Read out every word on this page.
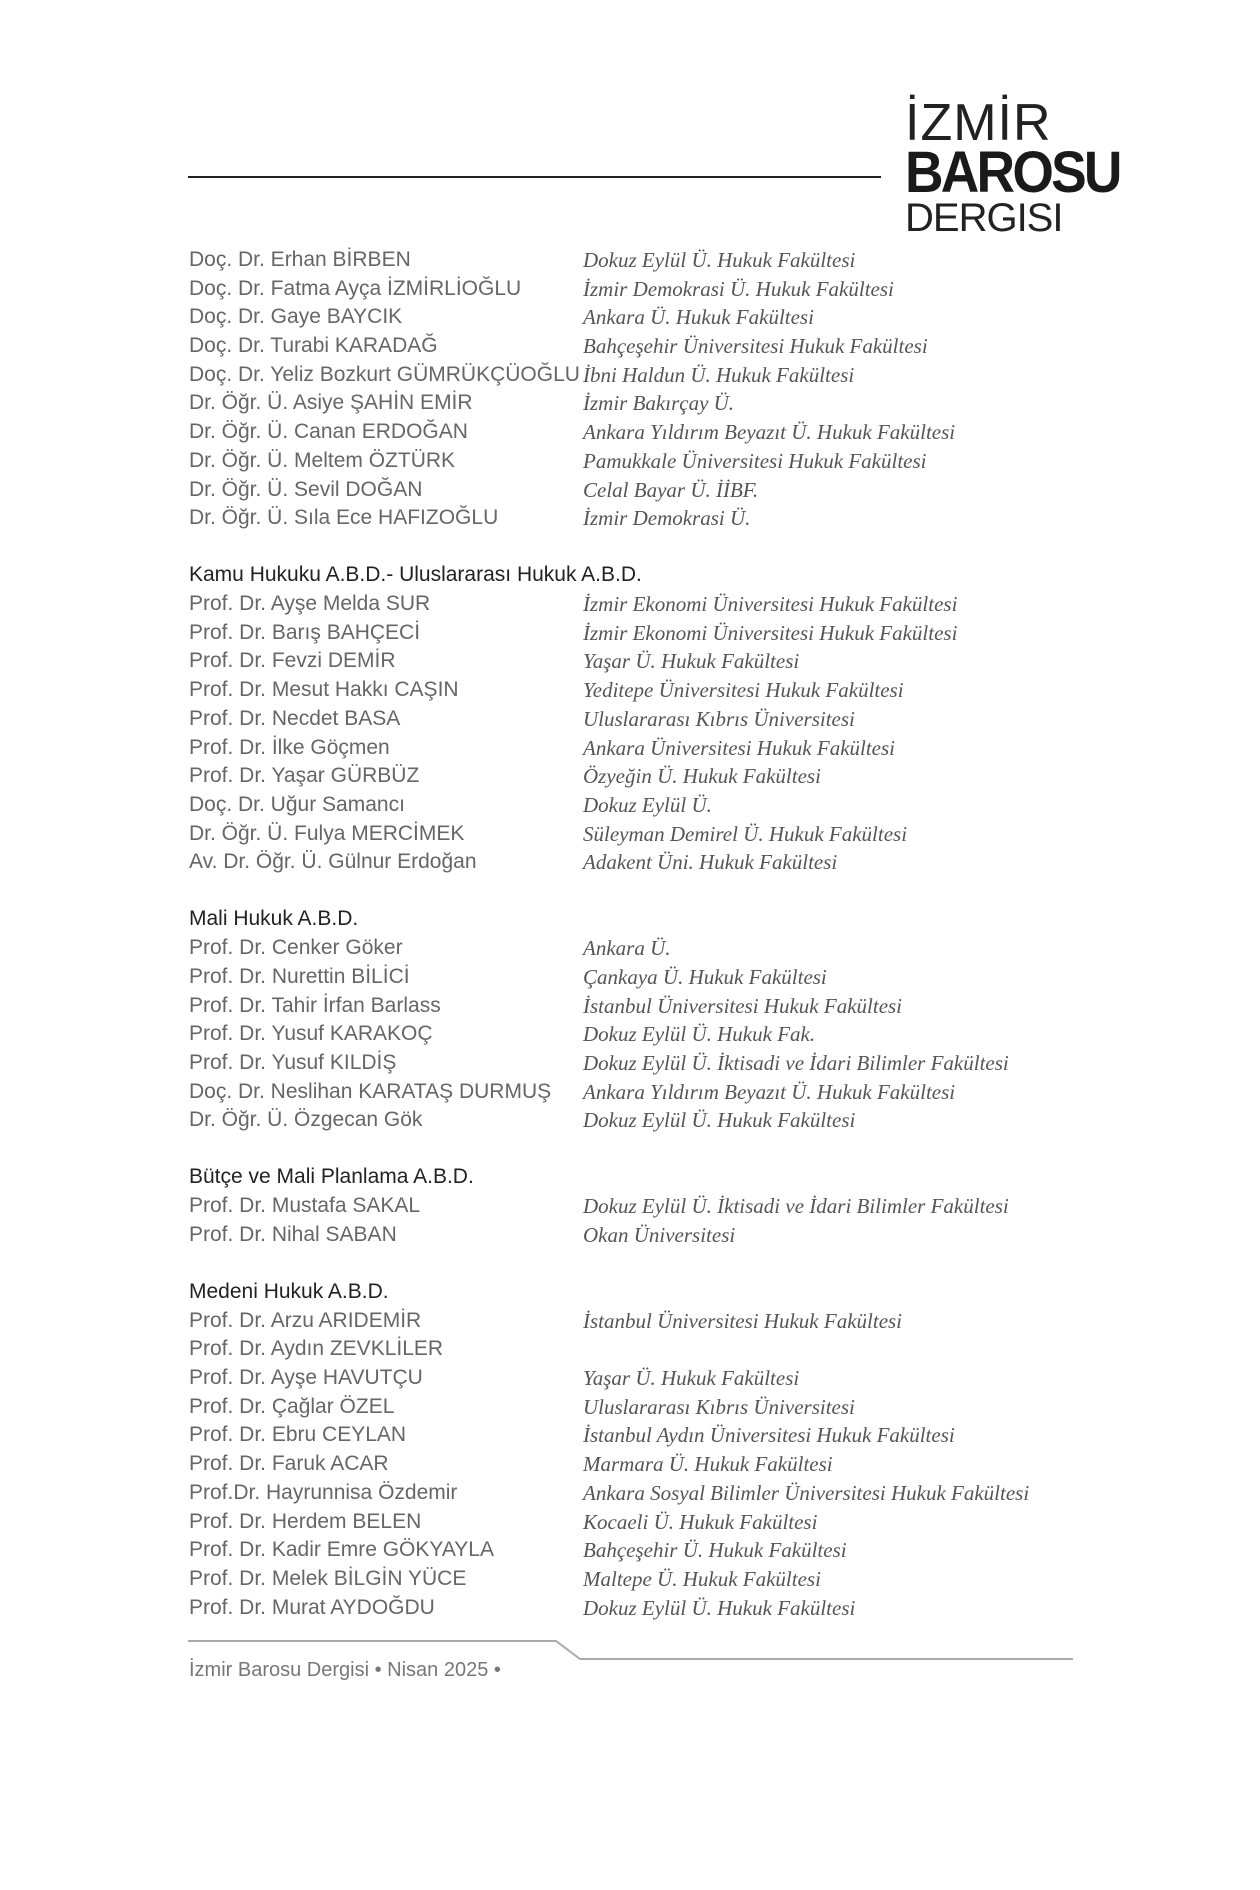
İZMİR
BAROSU
DERGISI
Doç. Dr. Erhan BİRBEN	Dokuz Eylül Ü. Hukuk Fakültesi
Doç. Dr. Fatma Ayça İZMİRLİOĞLU	İzmir Demokrasi Ü. Hukuk Fakültesi
Doç. Dr. Gaye BAYCIK	Ankara Ü. Hukuk Fakültesi
Doç. Dr. Turabi KARADAĞ	Bahçeşehir Üniversitesi Hukuk Fakültesi
Doç. Dr. Yeliz Bozkurt GÜMRÜKÇÜOĞLU İbni Haldun Ü. Hukuk Fakültesi
Dr. Öğr. Ü. Asiye ŞAHİN EMİR	İzmir Bakırçay Ü.
Dr. Öğr. Ü. Canan ERDOĞAN	Ankara Yıldırım Beyazıt Ü. Hukuk Fakültesi
Dr. Öğr. Ü. Meltem ÖZTÜRK	Pamukkale Üniversitesi Hukuk Fakültesi
Dr. Öğr. Ü. Sevil DOĞAN	Celal Bayar Ü. İİBF.
Dr. Öğr. Ü. Sıla Ece HAFIZOĞLU	İzmir Demokrasi Ü.
Kamu Hukuku A.B.D.- Uluslararası Hukuk A.B.D.
Prof. Dr. Ayşe Melda SUR	İzmir Ekonomi Üniversitesi Hukuk Fakültesi
Prof. Dr. Barış BAHÇECİ	İzmir Ekonomi Üniversitesi Hukuk Fakültesi
Prof. Dr. Fevzi DEMİR	Yaşar Ü. Hukuk Fakültesi
Prof. Dr. Mesut Hakkı CAŞIN	Yeditepe Üniversitesi Hukuk Fakültesi
Prof. Dr. Necdet BASA	Uluslararası Kıbrıs Üniversitesi
Prof. Dr. İlke Göçmen	Ankara Üniversitesi Hukuk Fakültesi
Prof. Dr. Yaşar GÜRBÜZ	Özyeğin Ü. Hukuk Fakültesi
Doç. Dr. Uğur Samancı	Dokuz Eylül Ü.
Dr. Öğr. Ü. Fulya MERCİMEK	Süleyman Demirel Ü. Hukuk Fakültesi
Av. Dr. Öğr. Ü. Gülnur Erdoğan	Adakent Üni. Hukuk Fakültesi
Mali Hukuk A.B.D.
Prof. Dr. Cenker Göker	Ankara Ü.
Prof. Dr. Nurettin BİLİCİ	Çankaya Ü. Hukuk Fakültesi
Prof. Dr. Tahir İrfan Barlass	İstanbul Üniversitesi Hukuk Fakültesi
Prof. Dr. Yusuf KARAKOÇ	Dokuz Eylül Ü. Hukuk Fak.
Prof. Dr. Yusuf KILDİŞ	Dokuz Eylül Ü. İktisadi ve İdari Bilimler Fakültesi
Doç. Dr. Neslihan KARATAŞ DURMUŞ Ankara Yıldırım Beyazıt Ü. Hukuk Fakültesi
Dr. Öğr. Ü. Özgecan Gök	Dokuz Eylül Ü. Hukuk Fakültesi
Bütçe ve Mali Planlama A.B.D.
Prof. Dr. Mustafa SAKAL	Dokuz Eylül Ü. İktisadi ve İdari Bilimler Fakültesi
Prof. Dr. Nihal SABAN	Okan Üniversitesi
Medeni Hukuk A.B.D.
Prof. Dr. Arzu ARIDEMİR	İstanbul Üniversitesi Hukuk Fakültesi
Prof. Dr. Aydın ZEVKLİLER
Prof. Dr. Ayşe HAVUTÇU	Yaşar Ü. Hukuk Fakültesi
Prof. Dr. Çağlar ÖZEL	Uluslararası Kıbrıs Üniversitesi
Prof. Dr. Ebru CEYLAN	İstanbul Aydın Üniversitesi Hukuk Fakültesi
Prof. Dr. Faruk ACAR	Marmara Ü. Hukuk Fakültesi
Prof.Dr. Hayrunnisa Özdemir	Ankara Sosyal Bilimler Üniversitesi Hukuk Fakültesi
Prof. Dr. Herdem BELEN	Kocaeli Ü. Hukuk Fakültesi
Prof. Dr. Kadir Emre GÖKYAYLA	Bahçeşehir Ü. Hukuk Fakültesi
Prof. Dr. Melek BİLGİN YÜCE	Maltepe Ü. Hukuk Fakültesi
Prof. Dr. Murat AYDOĞDU	Dokuz Eylül Ü. Hukuk Fakültesi
İzmir Barosu Dergisi • Nisan 2025 •
